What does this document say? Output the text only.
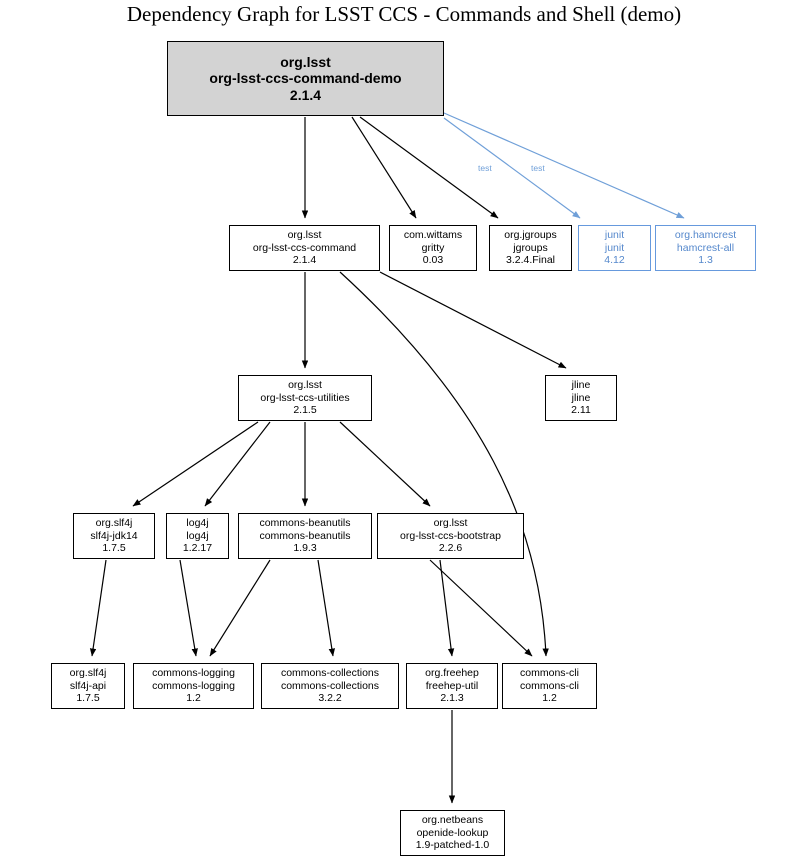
Dependency Graph for LSST CCS - Commands and Shell (demo)
org.lsst
org-lsst-ccs-command-demo
2.1.4
org.lsst
org-lsst-ccs-command
2.1.4
com.wittams
gritty
0.03
org.jgroups
jgroups
3.2.4.Final
junit
junit
4.12
org.hamcrest
hamcrest-all
1.3
org.lsst
org-lsst-ccs-utilities
2.1.5
jline
jline
2.11
org.slf4j
slf4j-jdk14
1.7.5
log4j
log4j
1.2.17
commons-beanutils
commons-beanutils
1.9.3
org.lsst
org-lsst-ccs-bootstrap
2.2.6
org.slf4j
slf4j-api
1.7.5
commons-logging
commons-logging
1.2
commons-collections
commons-collections
3.2.2
org.freehep
freehep-util
2.1.3
commons-cli
commons-cli
1.2
org.netbeans
openide-lookup
1.9-patched-1.0
test	test
